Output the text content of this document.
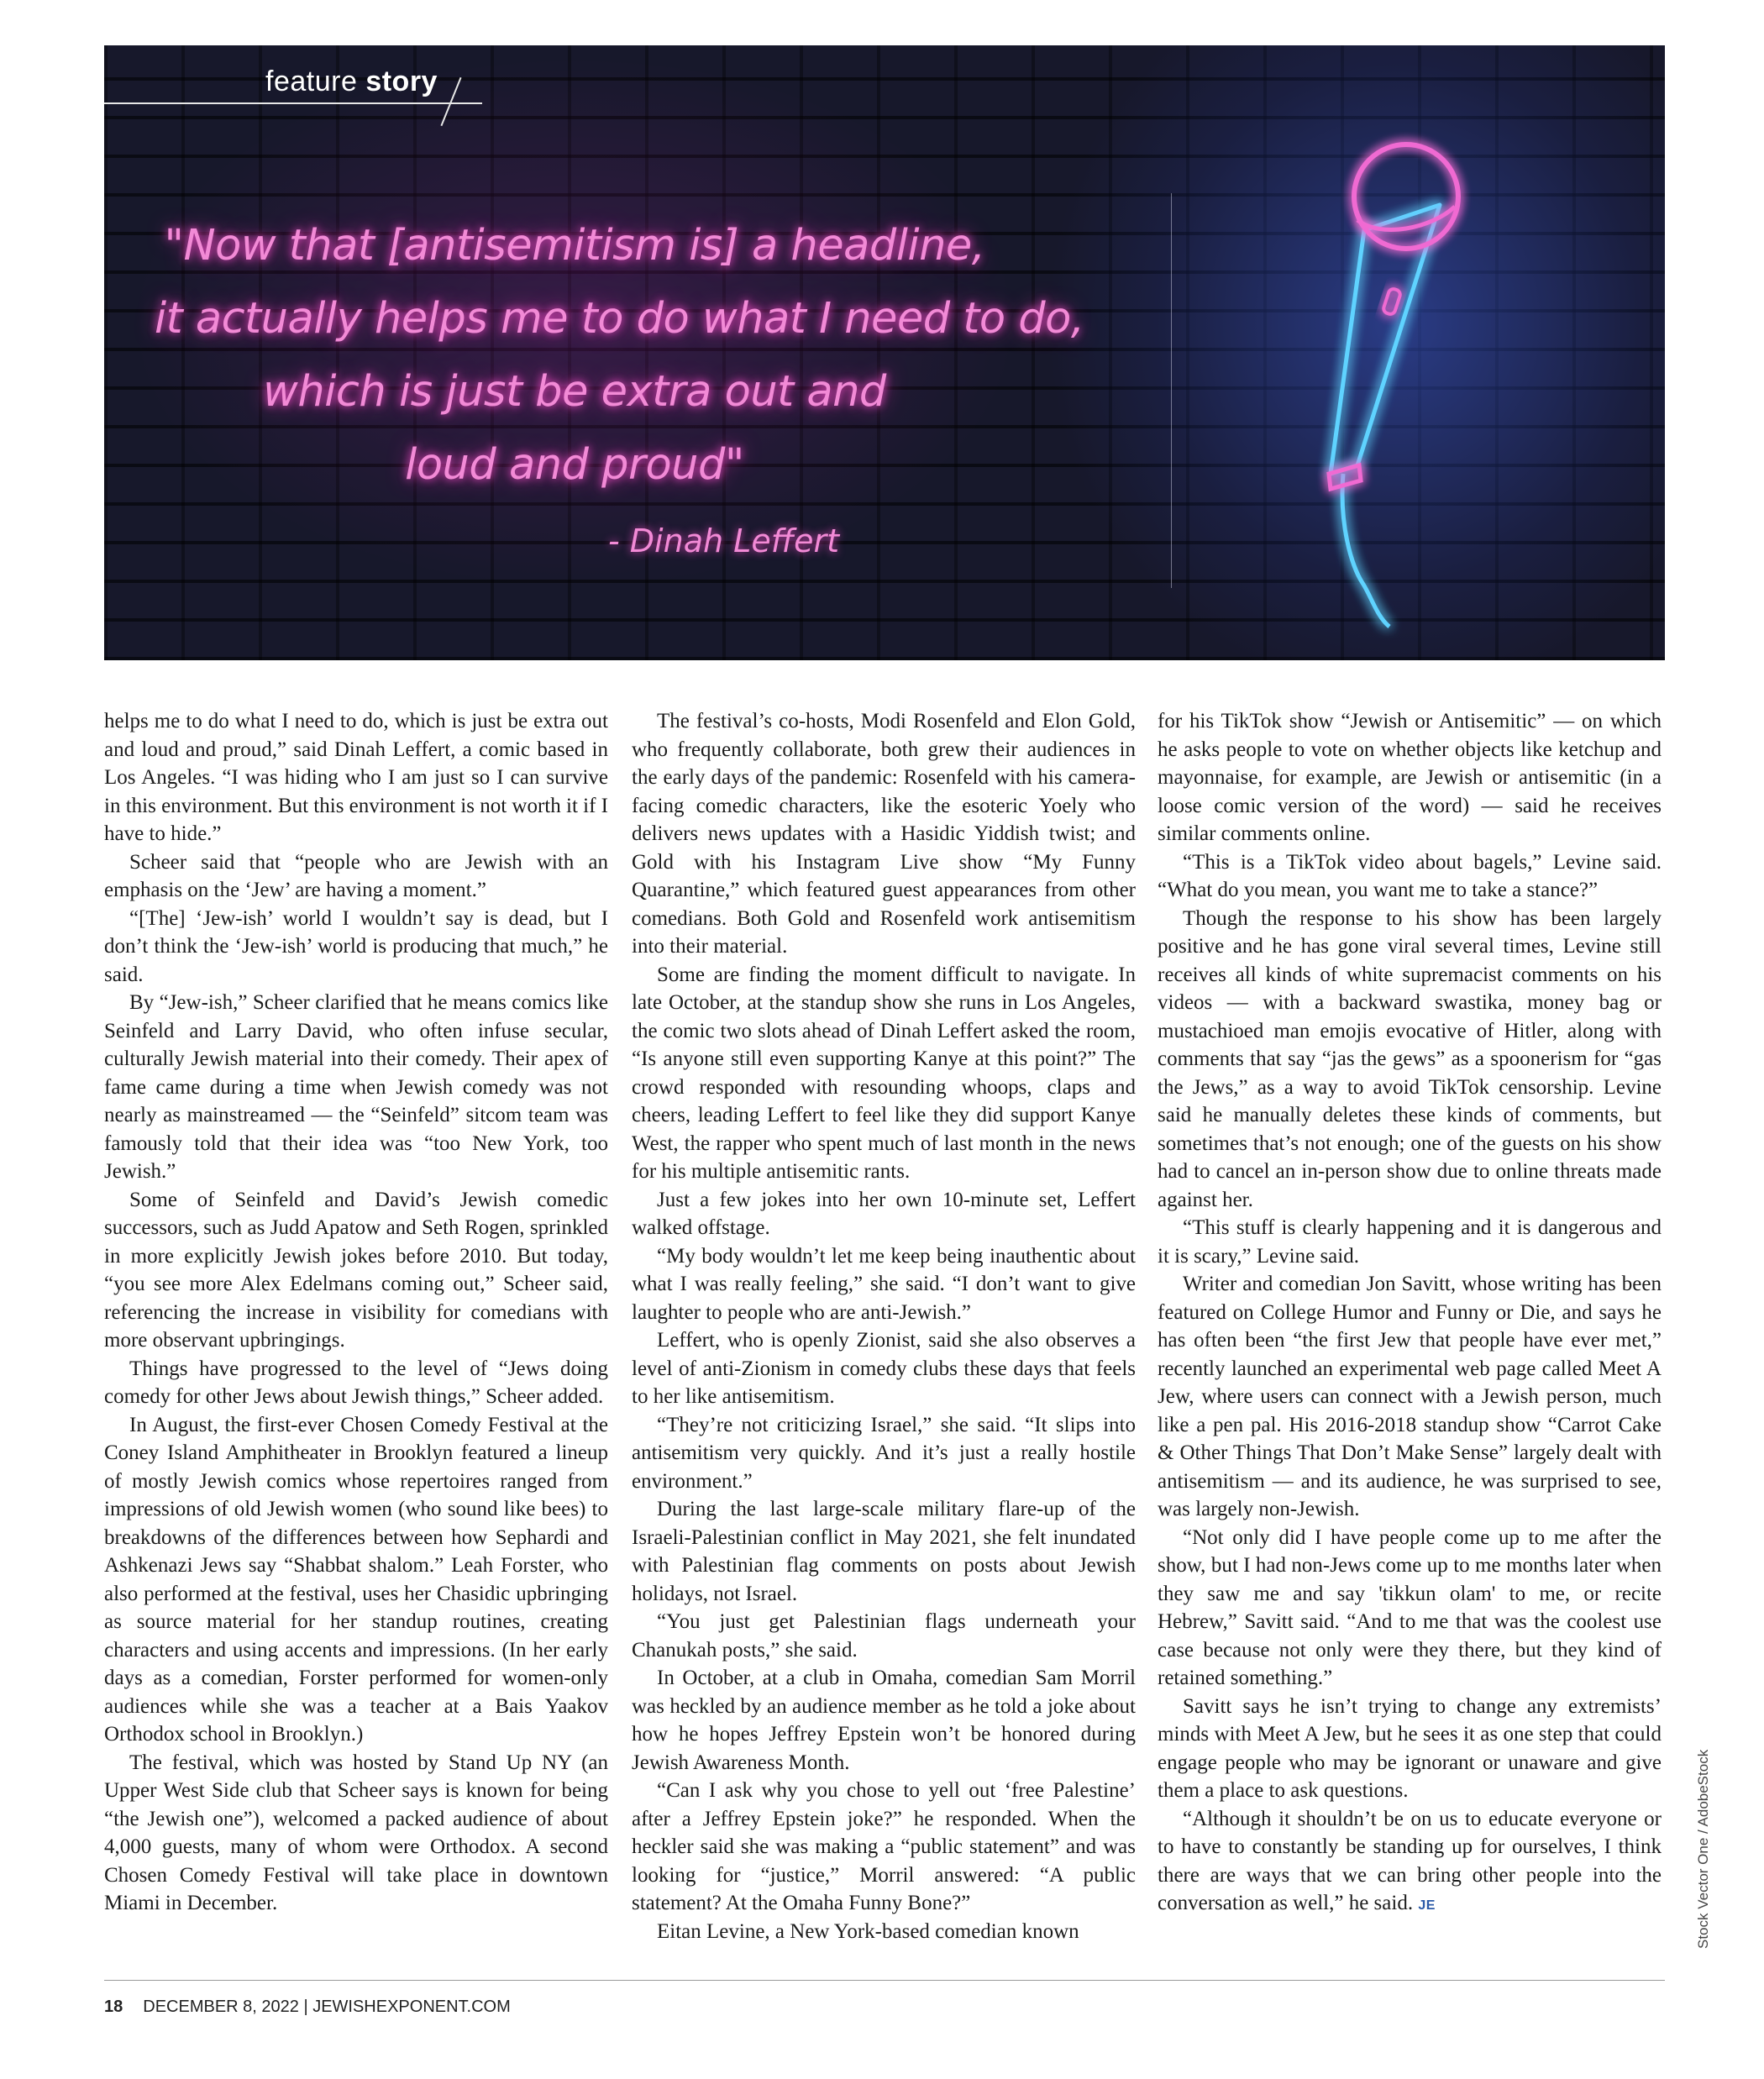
feature story
"Now that [antisemitism is] a headline,
it actually helps me to do what I need to do,
which is just be extra out and
loud and proud"
- Dinah Leffert

helps me to do what I need to do, which is just be extra out and loud and proud,” said Dinah Leffert, a comic based in Los Angeles. “I was hiding who I am just so I can survive in this environment. But this environment is not worth it if I have to hide.”

Scheer said that “people who are Jewish with an emphasis on the ‘Jew’ are having a moment.”

“[The] ‘Jew-ish’ world I wouldn’t say is dead, but I don’t think the ‘Jew-ish’ world is producing that much,” he said.

By “Jew-ish,” Scheer clarified that he means comics like Seinfeld and Larry David, who often infuse secular, culturally Jewish material into their comedy. Their apex of fame came during a time when Jewish comedy was not nearly as mainstreamed — the “Seinfeld” sitcom team was famously told that their idea was “too New York, too Jewish.”

Some of Seinfeld and David’s Jewish comedic successors, such as Judd Apatow and Seth Rogen, sprinkled in more explicitly Jewish jokes before 2010. But today, “you see more Alex Edelmans coming out,” Scheer said, referencing the increase in visibility for comedians with more observant upbringings.

Things have progressed to the level of “Jews doing comedy for other Jews about Jewish things,” Scheer added.

In August, the first-ever Chosen Comedy Festival at the Coney Island Amphitheater in Brooklyn featured a lineup of mostly Jewish comics whose repertoires ranged from impressions of old Jewish women (who sound like bees) to breakdowns of the differences between how Sephardi and Ashkenazi Jews say “Shabbat shalom.” Leah Forster, who also performed at the festival, uses her Chasidic upbringing as source material for her standup routines, creating characters and using accents and impressions. (In her early days as a comedian, Forster performed for women-only audiences while she was a teacher at a Bais Yaakov Orthodox school in Brooklyn.)

The festival, which was hosted by Stand Up NY (an Upper West Side club that Scheer says is known for being “the Jewish one”), welcomed a packed audience of about 4,000 guests, many of whom were Orthodox. A second Chosen Comedy Festival will take place in downtown Miami in December.

The festival’s co-hosts, Modi Rosenfeld and Elon Gold, who frequently collaborate, both grew their audiences in the early days of the pandemic: Rosenfeld with his camera-facing comedic characters, like the esoteric Yoely who delivers news updates with a Hasidic Yiddish twist; and Gold with his Instagram Live show “My Funny Quarantine,” which featured guest appearances from other comedians. Both Gold and Rosenfeld work antisemitism into their material.

Some are finding the moment difficult to navigate. In late October, at the standup show she runs in Los Angeles, the comic two slots ahead of Dinah Leffert asked the room, “Is anyone still even supporting Kanye at this point?” The crowd responded with resounding whoops, claps and cheers, leading Leffert to feel like they did support Kanye West, the rapper who spent much of last month in the news for his multiple antisemitic rants.

Just a few jokes into her own 10-minute set, Leffert walked offstage.

“My body wouldn’t let me keep being inauthentic about what I was really feeling,” she said. “I don’t want to give laughter to people who are anti-Jewish.”

Leffert, who is openly Zionist, said she also observes a level of anti-Zionism in comedy clubs these days that feels to her like antisemitism.

“They’re not criticizing Israel,” she said. “It slips into antisemitism very quickly. And it’s just a really hostile environment.”

During the last large-scale military flare-up of the Israeli-Palestinian conflict in May 2021, she felt inundated with Palestinian flag comments on posts about Jewish holidays, not Israel.

“You just get Palestinian flags underneath your Chanukah posts,” she said.

In October, at a club in Omaha, comedian Sam Morril was heckled by an audience member as he told a joke about how he hopes Jeffrey Epstein won’t be honored during Jewish Awareness Month.

“Can I ask why you chose to yell out ‘free Palestine’ after a Jeffrey Epstein joke?” he responded. When the heckler said she was making a “public statement” and was looking for “justice,” Morril answered: “A public statement? At the Omaha Funny Bone?”

Eitan Levine, a New York-based comedian known

for his TikTok show “Jewish or Antisemitic” — on which he asks people to vote on whether objects like ketchup and mayonnaise, for example, are Jewish or antisemitic (in a loose comic version of the word) — said he receives similar comments online.

“This is a TikTok video about bagels,” Levine said. “What do you mean, you want me to take a stance?”

Though the response to his show has been largely positive and he has gone viral several times, Levine still receives all kinds of white supremacist comments on his videos — with a backward swastika, money bag or mustachioed man emojis evocative of Hitler, along with comments that say “jas the gews” as a spoonerism for “gas the Jews,” as a way to avoid TikTok censorship. Levine said he manually deletes these kinds of comments, but sometimes that’s not enough; one of the guests on his show had to cancel an in-person show due to online threats made against her.

“This stuff is clearly happening and it is dangerous and it is scary,” Levine said.

Writer and comedian Jon Savitt, whose writing has been featured on College Humor and Funny or Die, and says he has often been “the first Jew that people have ever met,” recently launched an experimental web page called Meet A Jew, where users can connect with a Jewish person, much like a pen pal. His 2016-2018 standup show “Carrot Cake & Other Things That Don’t Make Sense” largely dealt with antisemitism — and its audience, he was surprised to see, was largely non-Jewish.

“Not only did I have people come up to me after the show, but I had non-Jews come up to me months later when they saw me and say 'tikkun olam' to me, or recite Hebrew,” Savitt said. “And to me that was the coolest use case because not only were they there, but they kind of retained something.”

Savitt says he isn’t trying to change any extremists’ minds with Meet A Jew, but he sees it as one step that could engage people who may be ignorant or unaware and give them a place to ask questions.

“Although it shouldn’t be on us to educate everyone or to have to constantly be standing up for ourselves, I think there are ways that we can bring other people into the conversation as well,” he said. JE	Stock Vector One / AdobeStock
18 DECEMBER 8, 2022 | JEWISHEXPONENT.COM
